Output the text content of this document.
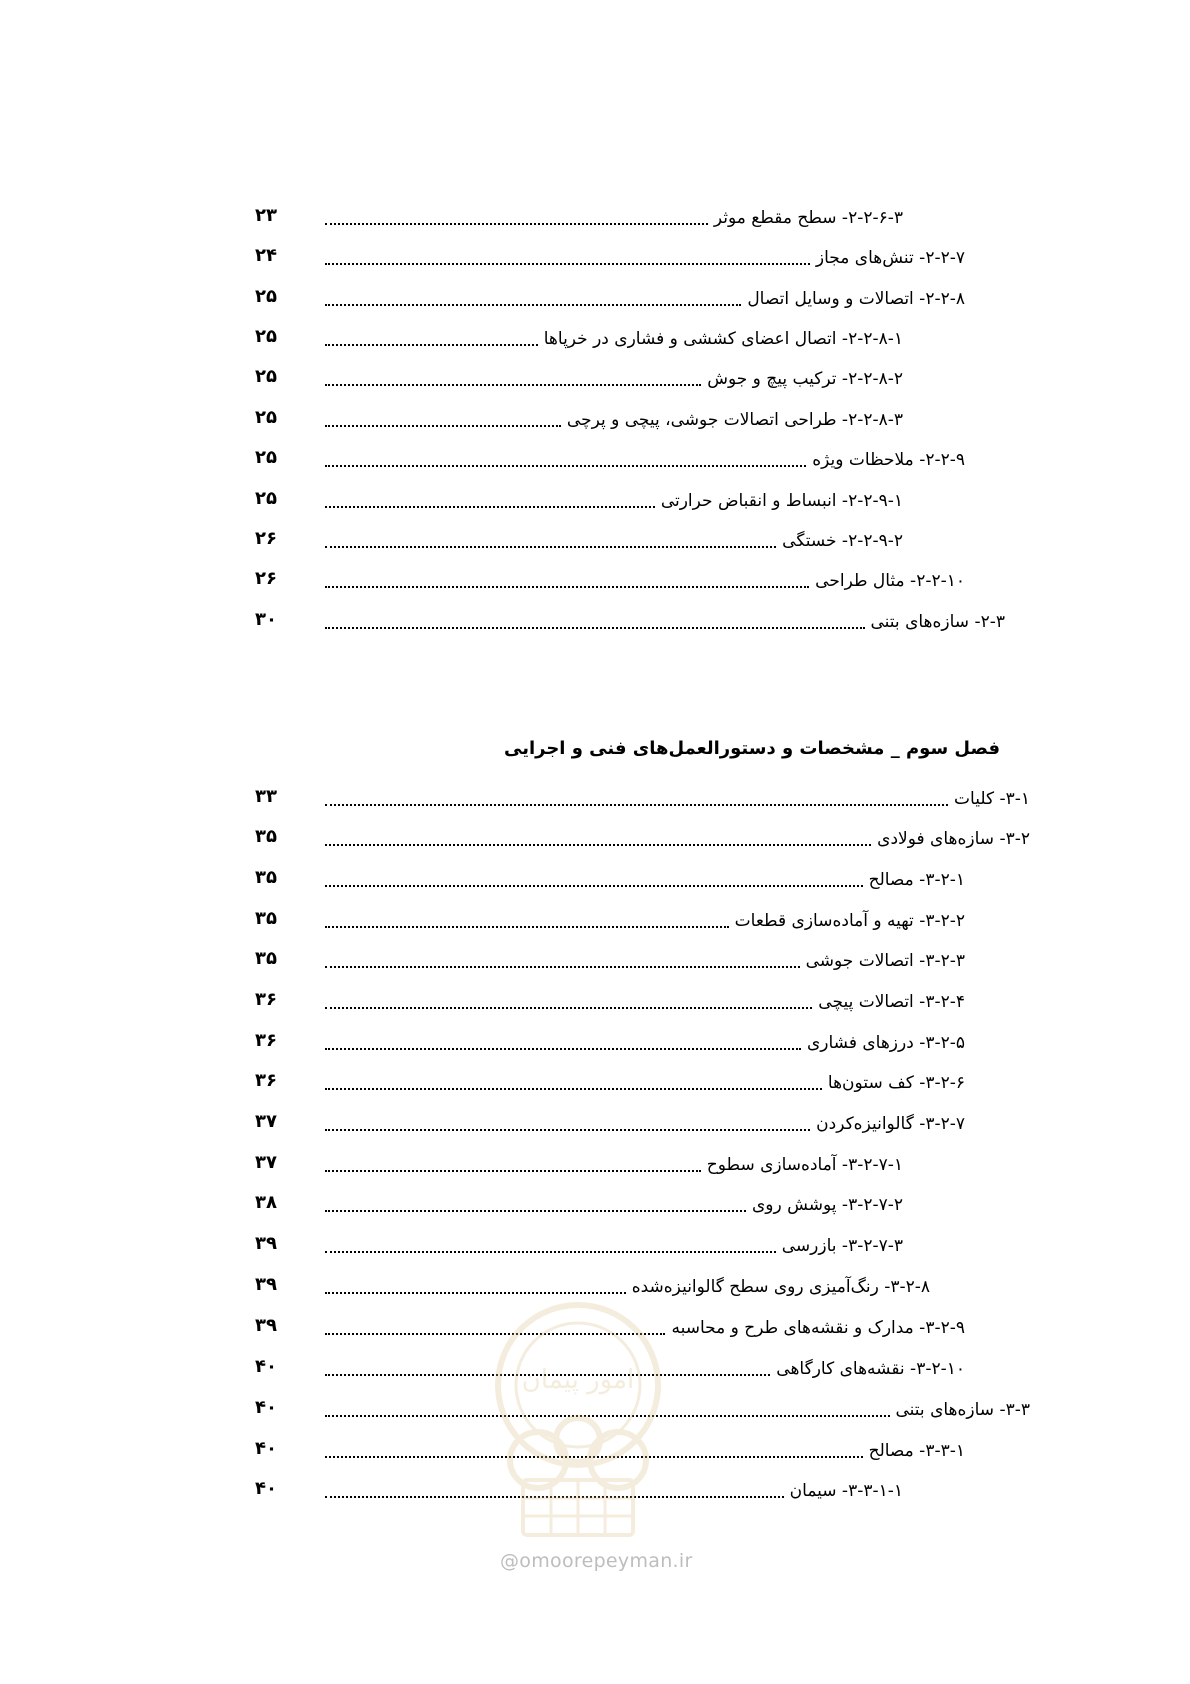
۲۳	۲-۲-۶-۳- سطح مقطع موثر
۲۴	۲-۲-۷- تنش‌های مجاز
۲۵	۲-۲-۸- اتصالات و وسایل اتصال
۲۵	۲-۲-۸-۱- اتصال اعضای کششی و فشاری در خرپاها
۲۵	۲-۲-۸-۲- ترکیب پیچ و جوش
۲۵	۲-۲-۸-۳- طراحی اتصالات جوشی، پیچی و پرچی
۲۵	۲-۲-۹- ملاحظات ویژه
۲۵	۲-۲-۹-۱- انبساط و انقباض حرارتی
۲۶	۲-۲-۹-۲- خستگی
۲۶	۲-۲-۱۰- مثال طراحی
۳۰	۲-۳- سازه‌های بتنی
فصل سوم _ مشخصات و دستورالعمل‌های فنی و اجرایی
۳۳	۳-۱- کلیات
۳۵	۳-۲- سازه‌های فولادی
۳۵	۳-۲-۱- مصالح
۳۵	۳-۲-۲- تهیه و آماده‌سازی قطعات
۳۵	۳-۲-۳- اتصالات جوشی
۳۶	۳-۲-۴- اتصالات پیچی
۳۶	۳-۲-۵- درزهای فشاری
۳۶	۳-۲-۶- کف ستون‌ها
۳۷	۳-۲-۷- گالوانیزه‌کردن
۳۷	۳-۲-۷-۱- آماده‌سازی سطوح
۳۸	۳-۲-۷-۲- پوشش روی
۳۹	۳-۲-۷-۳- بازرسی
۳۹	۳-۲-۸- رنگ‌آمیزی روی سطح گالوانیزه‌شده
۳۹	۳-۲-۹- مدارک و نقشه‌های طرح و محاسبه
۴۰	۳-۲-۱۰- نقشه‌های کارگاهی
۴۰	۳-۳- سازه‌های بتنی
۴۰	۳-۳-۱- مصالح
۴۰	۳-۳-۱-۱- سیمان
امور پیمان
@omoorepeyman.ir
